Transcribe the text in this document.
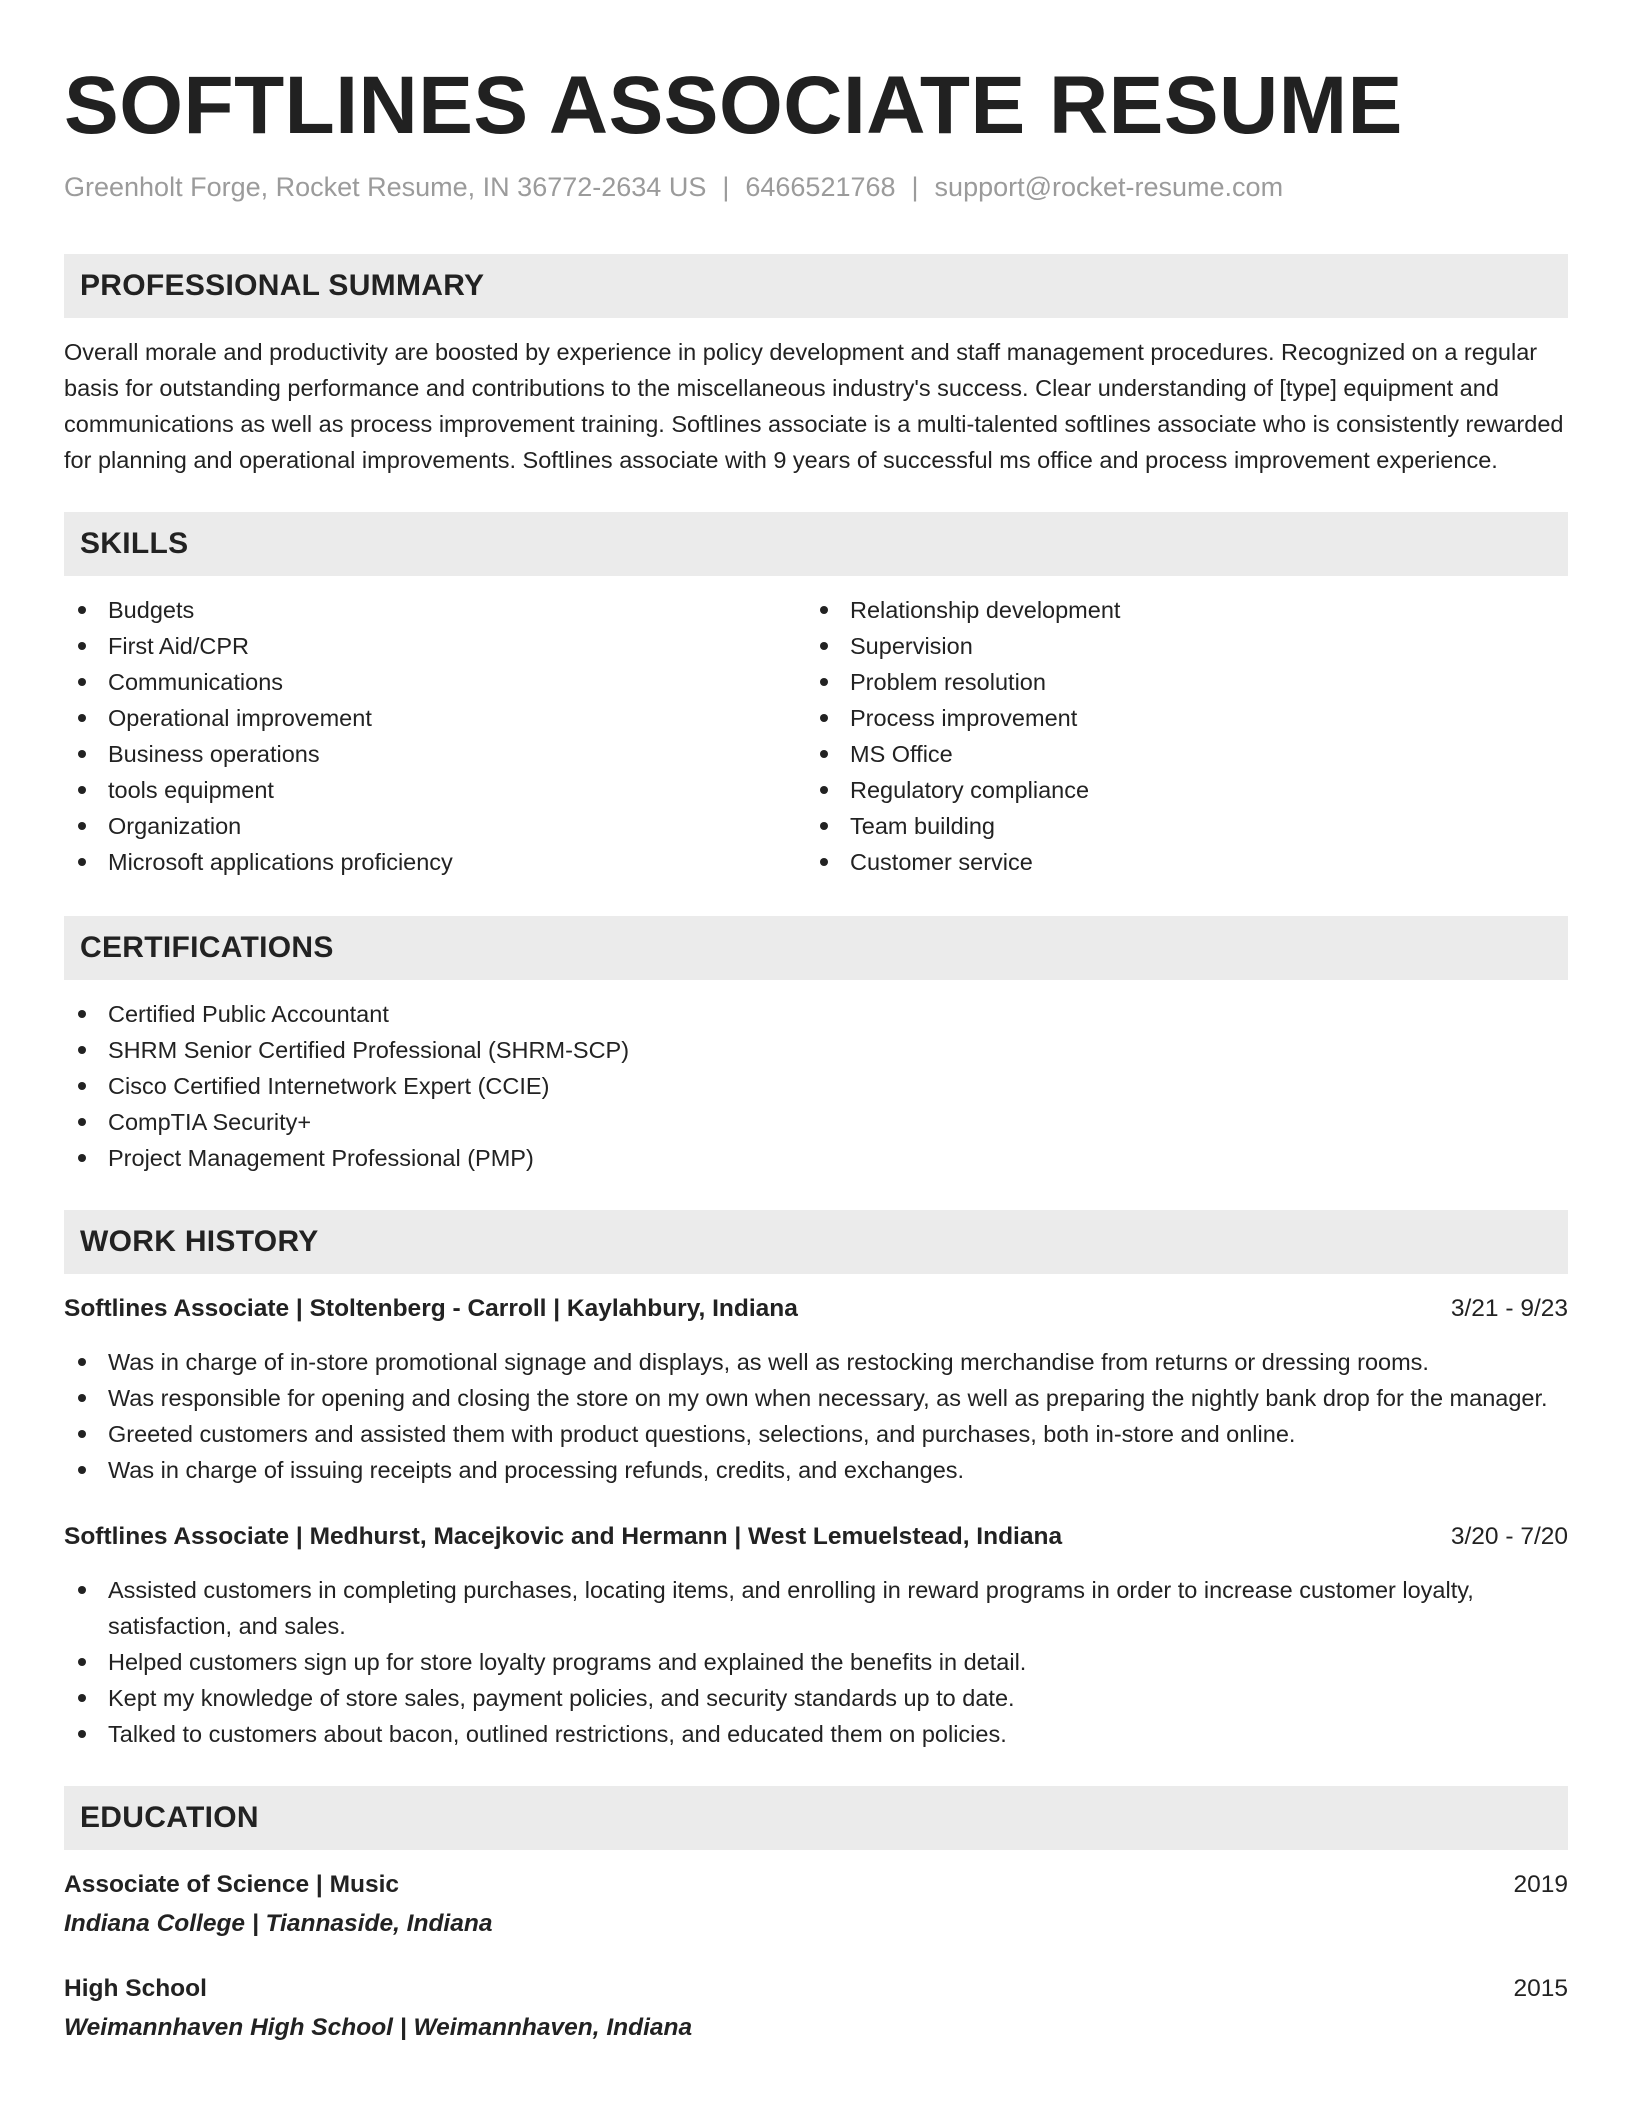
SOFTLINES ASSOCIATE RESUME
Greenholt Forge, Rocket Resume, IN 36772-2634 US | 6466521768 | support@rocket-resume.com
PROFESSIONAL SUMMARY

Overall morale and productivity are boosted by experience in policy development and staff management procedures. Recognized on a regular basis for outstanding performance and contributions to the miscellaneous industry's success. Clear understanding of [type] equipment and communications as well as process improvement training. Softlines associate is a multi-talented softlines associate who is consistently rewarded for planning and operational improvements. Softlines associate with 9 years of successful ms office and process improvement experience.

SKILLS
Budgets
First Aid/CPR
Communications
Operational improvement
Business operations
tools equipment
Organization
Microsoft applications proficiency
Relationship development
Supervision
Problem resolution
Process improvement
MS Office
Regulatory compliance
Team building
Customer service
CERTIFICATIONS
Certified Public Accountant
SHRM Senior Certified Professional (SHRM-SCP)
Cisco Certified Internetwork Expert (CCIE)
CompTIA Security+
Project Management Professional (PMP)
WORK HISTORY
Softlines Associate | Stoltenberg - Carroll | Kaylahbury, Indiana	3/21 - 9/23
Was in charge of in-store promotional signage and displays, as well as restocking merchandise from returns or dressing rooms.
Was responsible for opening and closing the store on my own when necessary, as well as preparing the nightly bank drop for the manager.
Greeted customers and assisted them with product questions, selections, and purchases, both in-store and online.
Was in charge of issuing receipts and processing refunds, credits, and exchanges.
Softlines Associate | Medhurst, Macejkovic and Hermann | West Lemuelstead, Indiana	3/20 - 7/20
Assisted customers in completing purchases, locating items, and enrolling in reward programs in order to increase customer loyalty, satisfaction, and sales.
Helped customers sign up for store loyalty programs and explained the benefits in detail.
Kept my knowledge of store sales, payment policies, and security standards up to date.
Talked to customers about bacon, outlined restrictions, and educated them on policies.
EDUCATION
Associate of Science | Music	2019
Indiana College | Tiannaside, Indiana
High School	2015
Weimannhaven High School | Weimannhaven, Indiana
